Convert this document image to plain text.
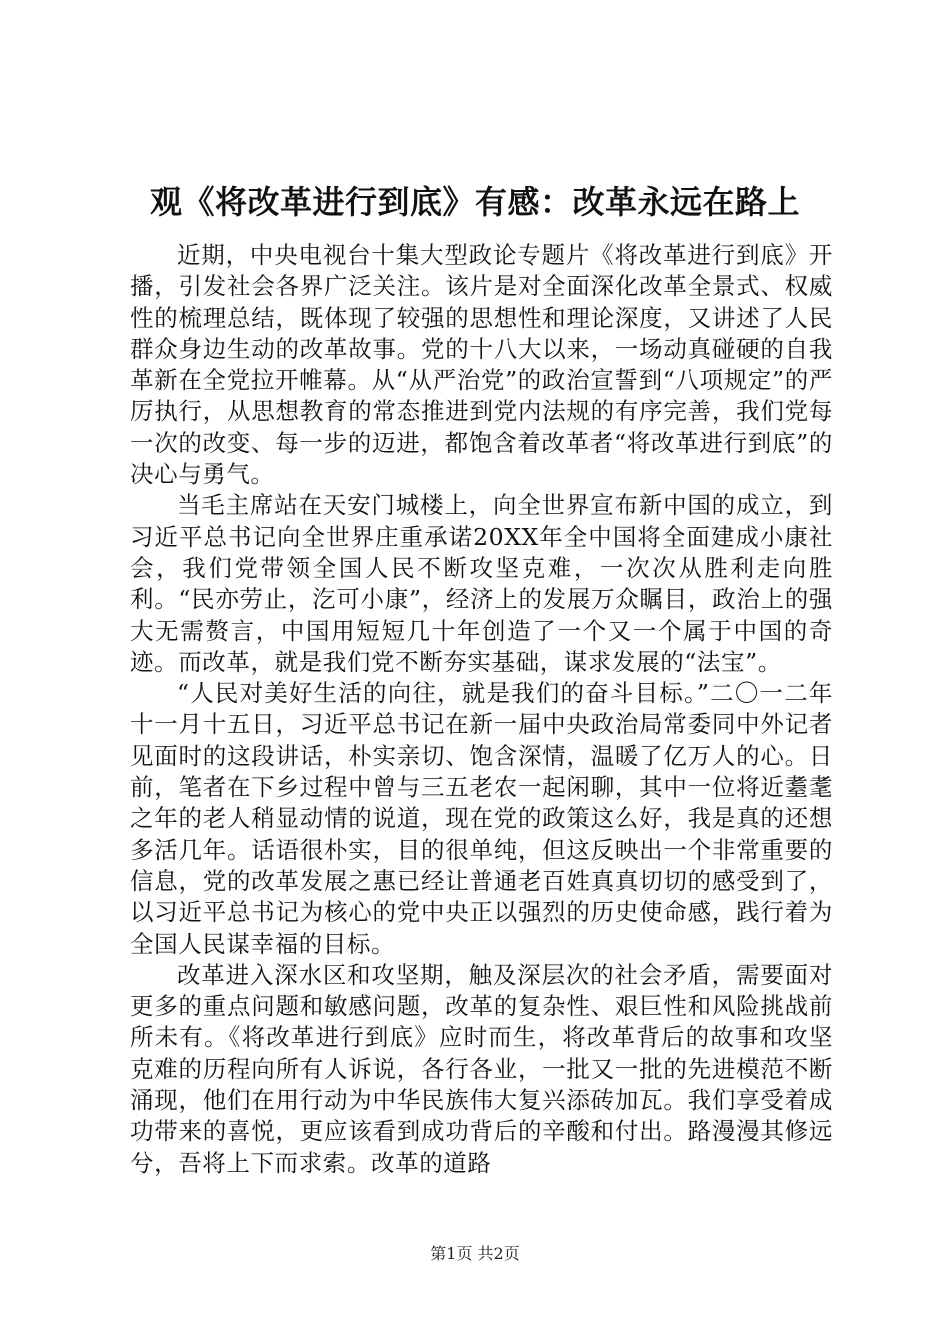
观《将改革进行到底》有感：改革永远在路上

近期，中央电视台十集大型政论专题片《将改革进行到底》开播，引发社会各界广泛关注。该片是对全面深化改革全景式、权威性的梳理总结，既体现了较强的思想性和理论深度，又讲述了人民群众身边生动的改革故事。党的十八大以来，一场动真碰硬的自我革新在全党拉开帷幕。从“从严治党”的政治宣誓到“八项规定”的严厉执行，从思想教育的常态推进到党内法规的有序完善，我们党每一次的改变、每一步的迈进，都饱含着改革者“将改革进行到底”的决心与勇气。

当毛主席站在天安门城楼上，向全世界宣布新中国的成立，到习近平总书记向全世界庄重承诺20XX年全中国将全面建成小康社会，我们党带领全国人民不断攻坚克难，一次次从胜利走向胜利。“民亦劳止，汔可小康”，经济上的发展万众瞩目，政治上的强大无需赘言，中国用短短几十年创造了一个又一个属于中国的奇迹。而改革，就是我们党不断夯实基础，谋求发展的“法宝”。

“人民对美好生活的向往，就是我们的奋斗目标。”二〇一二年十一月十五日，习近平总书记在新一届中央政治局常委同中外记者见面时的这段讲话，朴实亲切、饱含深情，温暖了亿万人的心。日前，笔者在下乡过程中曾与三五老农一起闲聊，其中一位将近耋耄之年的老人稍显动情的说道，现在党的政策这么好，我是真的还想多活几年。话语很朴实，目的很单纯，但这反映出一个非常重要的信息，党的改革发展之惠已经让普通老百姓真真切切的感受到了，以习近平总书记为核心的党中央正以强烈的历史使命感，践行着为全国人民谋幸福的目标。

改革进入深水区和攻坚期，触及深层次的社会矛盾，需要面对更多的重点问题和敏感问题，改革的复杂性、艰巨性和风险挑战前所未有。《将改革进行到底》应时而生，将改革背后的故事和攻坚克难的历程向所有人诉说，各行各业，一批又一批的先进模范不断涌现，他们在用行动为中华民族伟大复兴添砖加瓦。我们享受着成功带来的喜悦，更应该看到成功背后的辛酸和付出。路漫漫其修远兮，吾将上下而求索。改革的道路

第1页 共2页
